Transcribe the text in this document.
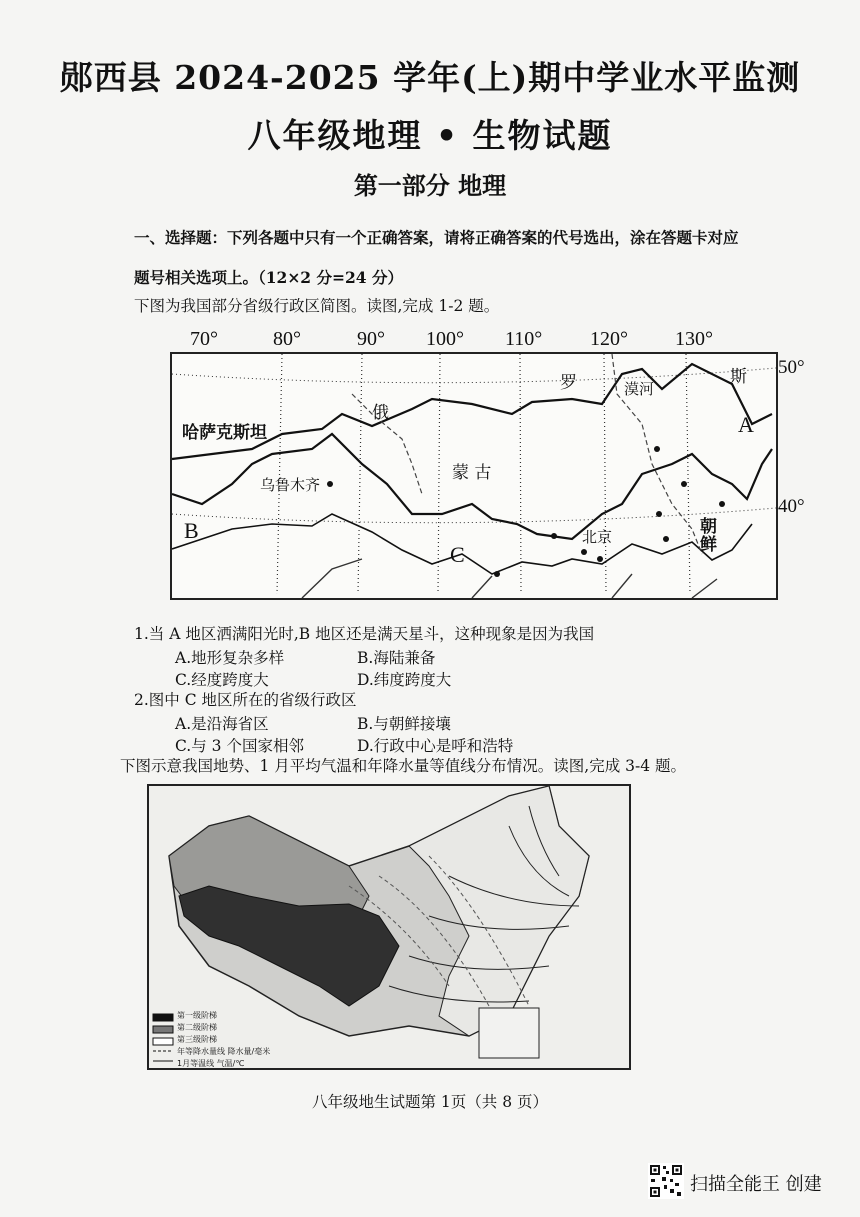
郧西县 2024-2025 学年(上)期中学业水平监测
八年级地理 • 生物试题
第一部分 地理
一、选择题：下列各题中只有一个正确答案，请将正确答案的代号选出，涂在答题卡对应
题号相关选项上。（12×2 分=24 分）
下图为我国部分省级行政区简图。读图,完成 1-2 题。
70°	80°	90° 100° 110° 120° 130°
50°
40°
俄
罗	斯
漠河
哈萨克斯坦
乌鲁木齐
蒙 古
北京	朝
鲜
A
B
C
1.当 A 地区洒满阳光时,B 地区还是满天星斗，这种现象是因为我国
A.地形复杂多样	B.海陆兼备
C.经度跨度大	D.纬度跨度大
2.图中 C 地区所在的省级行政区
A.是沿海省区	B.与朝鲜接壤
C.与 3 个国家相邻	D.行政中心是呼和浩特
下图示意我国地势、1 月平均气温和年降水量等值线分布情况。读图,完成 3-4 题。
第一级阶梯
第二级阶梯
第三级阶梯
年等降水量线 降水量/毫米
1月等温线 气温/℃
八年级地生试题第 1页（共 8 页）
扫描全能王 创建
